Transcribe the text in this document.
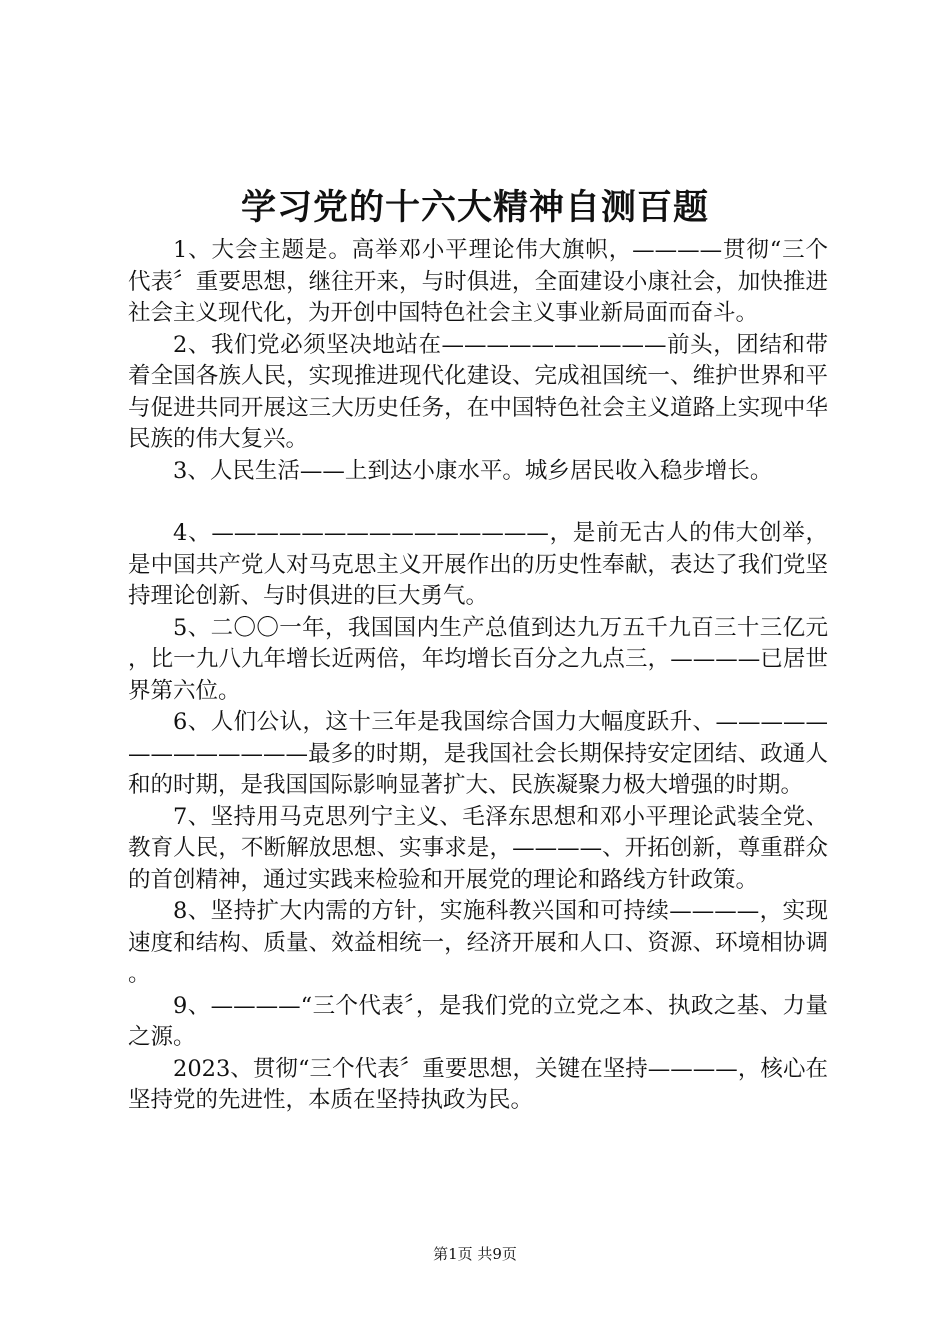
学习党的十六大精神自测百题

1、大会主题是。高举邓小平理论伟大旗帜，————贯彻“三个代表〞重要思想，继往开来，与时俱进，全面建设小康社会，加快推进社会主义现代化，为开创中国特色社会主义事业新局面而奋斗。

2、我们党必须坚决地站在——————————前头，团结和带着全国各族人民，实现推进现代化建设、完成祖国统一、维护世界和平与促进共同开展这三大历史任务，在中国特色社会主义道路上实现中华民族的伟大复兴。

3、人民生活——上到达小康水平。城乡居民收入稳步增长。

4、———————————————，是前无古人的伟大创举，是中国共产党人对马克思主义开展作出的历史性奉献，表达了我们党坚持理论创新、与时俱进的巨大勇气。

5、二〇〇一年，我国国内生产总值到达九万五千九百三十三亿元，比一九八九年增长近两倍，年均增长百分之九点三，————已居世界第六位。

6、人们公认，这十三年是我国综合国力大幅度跃升、—————————————最多的时期，是我国社会长期保持安定团结、政通人和的时期，是我国国际影响显著扩大、民族凝聚力极大增强的时期。

7、坚持用马克思列宁主义、毛泽东思想和邓小平理论武装全党、教育人民，不断解放思想、实事求是，————、开拓创新，尊重群众的首创精神，通过实践来检验和开展党的理论和路线方针政策。

8、坚持扩大内需的方针，实施科教兴国和可持续————，实现速度和结构、质量、效益相统一，经济开展和人口、资源、环境相协调。

9、————“三个代表〞，是我们党的立党之本、执政之基、力量之源。

2023、贯彻“三个代表〞重要思想，关键在坚持————，核心在坚持党的先进性，本质在坚持执政为民。

第1页 共9页
